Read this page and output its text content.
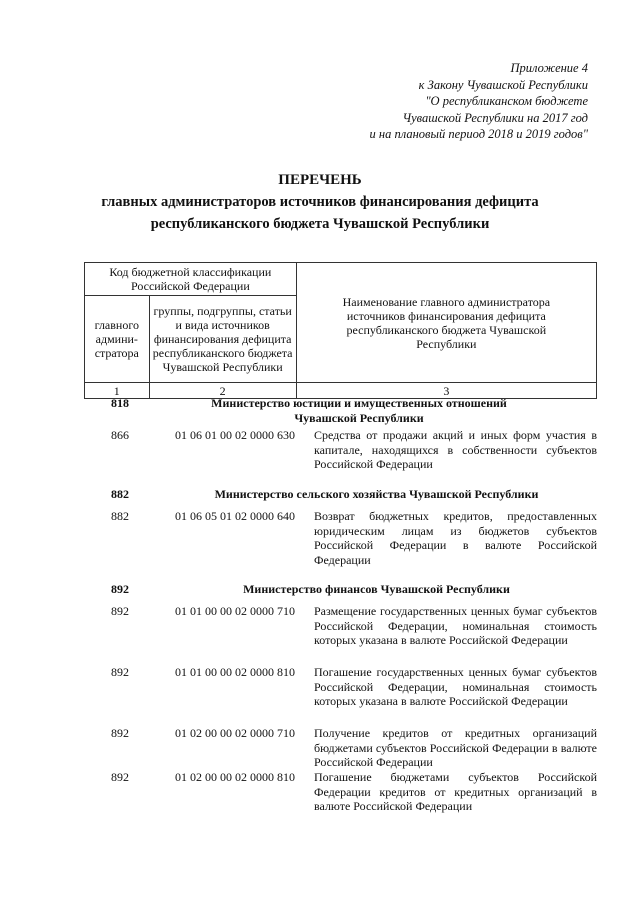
Приложение 4
к Закону Чувашской Республики
"О республиканском бюджете
Чувашской Республики на 2017 год
и на плановый период 2018 и 2019 годов"
ПЕРЕЧЕНЬ
главных администраторов источников финансирования дефицита
республиканского бюджета Чувашской Республики
Код бюджетной классификации Российской Федерации		Наименование главного администратора источников финансирования дефицита республиканского бюджета Чувашской Республики
главного админи-стратора	группы, подгруппы, статьи и вида источников финансирования дефицита республиканского бюджета Чувашской Республики	
1	2	3
818	Министерство юстиции и имущественных отношений Чувашской Республики
866	01 06 01 00 02 0000 630	Средства от продажи акций и иных форм участия в капитале, находящихся в собственности субъектов Российской Федерации
882	Министерство сельского хозяйства Чувашской Республики
882	01 06 05 01 02 0000 640	Возврат бюджетных кредитов, предоставленных юридическим лицам из бюджетов субъектов Российской Федерации в валюте Российской Федерации
892	Министерство финансов Чувашской Республики
892	01 01 00 00 02 0000 710	Размещение государственных ценных бумаг субъектов Российской Федерации, номинальная стоимость которых указана в валюте Российской Федерации
892	01 01 00 00 02 0000 810	Погашение государственных ценных бумаг субъектов Российской Федерации, номинальная стоимость которых указана в валюте Российской Федерации
892	01 02 00 00 02 0000 710	Получение кредитов от кредитных организаций бюджетами субъектов Российской Федерации в валюте Российской Федерации
892	01 02 00 00 02 0000 810	Погашение бюджетами субъектов Российской Федерации кредитов от кредитных организаций в валюте Российской Федерации
